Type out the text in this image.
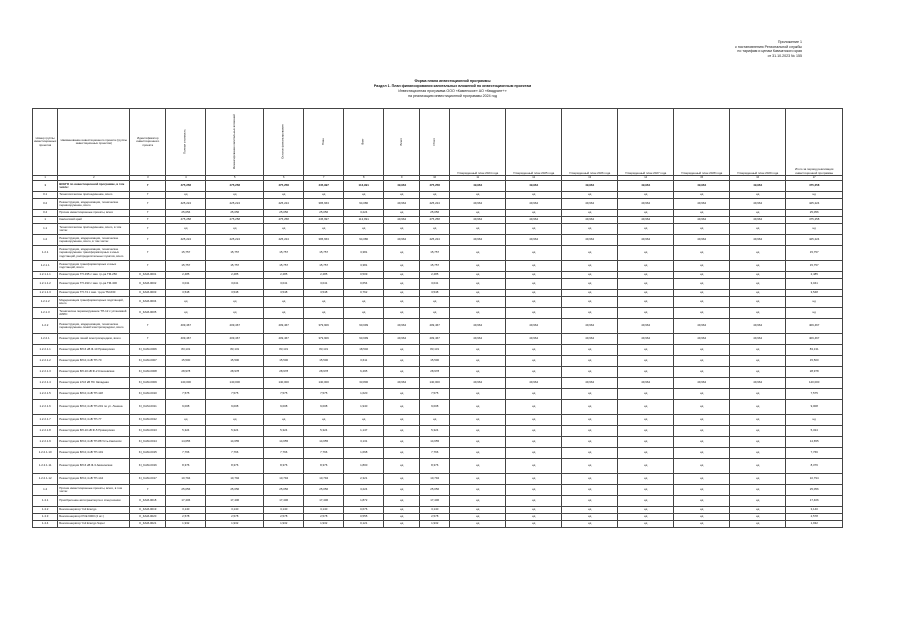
Приложение 1
к постановлению Региональной службы
по тарифам и ценам Камчатского края
от 31.10.2023 № 155
Форма плана инвестиционной программы
Раздел 1. План финансирования капитальных вложений по инвестиционным проектам
Инвестиционная программа ООО «Каменское» АО «Квадрант+»
на реализацию инвестиционной программы 2024 год
Номер группы инвестиционных проектов	Наименование инвестиционного проекта (группы инвестиционных проектов)	Идентификатор инвестиционного проекта	Полная стоимость	Финансирование капитальных вложений	Остаток финансирования	План	Факт	Всего	Итого	Утвержденный план 2024 года	Утвержденный план 2025 года	Утвержденный план 2026 года	Утвержденный план 2027 года	Утвержденный план 2028 года	Утвержденный план 2029 года	Итого за период реализации инвестиционной программы
1	2	3	4	5	6	7	8	9	10	11	12	13	14	15	16	17
1	ВСЕГО по инвестиционной программе, в том числе:	Г	475,258	475,258	475,258	445,997	113,991	49,964	475,258	49,964	49,964	49,964	49,964	49,964	49,964	475,258
0.1	Технологическое присоединение, всего	Г	нд	нд	нд	нд	нд	нд	нд	нд	нд	нд	нд	нд	нд	нд
0.2	Реконструкция, модернизация, техническое перевооружение, всего	Г	425,224	425,224	425,224	395,663	94,080	49,964	425,224	49,964	49,964	49,964	49,964	49,964	49,964	425,224
0.4	Прочие инвестиционные проекты, всего	Г	25,056	25,056	25,056	25,056	3,224	нд	25,056	нд	нд	нд	нд	нд	нд	25,056
1	Камчатский край	Г	475,258	475,258	475,258	445,997	113,991	49,964	475,258	49,964	49,964	49,964	49,964	49,964	49,964	475,258
1.1	Технологическое присоединение, всего, в том числе:	Г	нд	нд	нд	нд	нд	нд	нд	нд	нд	нд	нд	нд	нд	нд
1.2	Реконструкция, модернизация, техническое перевооружение, всего, в том числе:	Г	425,224	425,224	425,224	395,663	94,080	49,964	425,224	49,964	49,964	49,964	49,964	49,964	49,964	425,224
1.2.1	Реконструкция, модернизация, техническое перевооружение трансформаторных и иных подстанций, распределительных пунктов, всего	Г	15,757	15,757	15,757	15,757	3,381	нд	15,757	нд	нд	нд	нд	нд	нд	15,757
1.2.1.1	Реконструкция трансформаторных и иных подстанций, всего	Г	15,757	15,757	15,757	15,757	3,381	нд	15,757	нд	нд	нд	нд	нд	нд	15,757
1.2.1.1.1	Реконструкция ТП-335 с зам. тр-ра ТМ-250	K_KAM-0001	2,485	2,485	2,485	2,485	0,509	нд	2,485	нд	нд	нд	нд	нд	нд	2,485
1.2.1.1.2	Реконструкция ТП-193 с зам. тр-ра ТМ-400	K_KAM-0002	3,041	3,041	3,041	3,041	0,654	нд	3,041	нд	нд	нд	нд	нд	нд	3,041
1.2.1.1.3	Реконструкция ТП-74 с зам. тр-ра ТМ-630	K_KAM-0003	3,548	3,548	3,548	3,548	0,762	нд	3,548	нд	нд	нд	нд	нд	нд	3,548
1.2.1.2	Модернизация трансформаторных подстанций, всего	K_KAM-0004	нд	нд	нд	нд	нд	нд	нд	нд	нд	нд	нд	нд	нд	нд
1.2.1.3	Техническое перевооружение ТП-12 с установкой АИИС	K_KAM-0005	нд	нд	нд	нд	нд	нд	нд	нд	нд	нд	нд	нд	нд	нд
1.2.2	Реконструкция, модернизация, техническое перевооружение линий электропередачи, всего	Г	409,467	409,467	409,467	379,906	90,699	49,964	409,467	49,964	49,964	49,964	49,964	49,964	49,964	409,467
1.2.2.1	Реконструкция линий электропередачи, всего	Г	409,467	409,467	409,467	379,906	90,699	49,964	409,467	49,964	49,964	49,964	49,964	49,964	49,964	409,467
1.2.2.1.1	Реконструкция ВЛ-6 кВ Ф-10 Приморская	KI_KAM-0006	83,131	83,131	83,131	83,131	18,540	нд	83,131	нд	нд	нд	нд	нд	нд	83,131
1.2.2.1.2	Реконструкция ВЛ-0,4 кВ ТП-70	KI_KAM-0007	15,500	15,500	15,500	15,500	3,611	нд	15,500	нд	нд	нд	нд	нд	нд	15,500
1.2.2.1.3	Реконструкция ВЛ-10 кВ Ф-2 Ключевская	KI_KAM-0008	28,978	28,978	28,978	28,978	6,495	нд	28,978	нд	нд	нд	нд	нд	нд	28,978
1.2.2.1.4	Реконструкция КЛ-6 кВ ПС Западная	KI_KAM-0009	140,000	140,000	140,000	140,000	33,800	49,964	140,000	49,964	49,964	49,964	49,964	49,964	49,964	140,000
1.2.2.1.5	Реконструкция ВЛ-0,4 кВ ТП-118	KI_KAM-0010	7,575	7,575	7,575	7,575	1,620	нд	7,575	нд	нд	нд	нд	нд	нд	7,575
1.2.2.1.6	Реконструкция ВЛ-0,4 кВ ТП-201 по ул. Ленина	KI_KAM-0011	9,008	9,008	9,008	9,008	1,940	нд	9,008	нд	нд	нд	нд	нд	нд	9,008
1.2.2.1.7	Реконструкция ВЛ-0,4 кВ ТП-77	KI_KAM-0012	нд	нд	нд	нд	нд	нд	нд	нд	нд	нд	нд	нд	нд	нд
1.2.2.1.8	Реконструкция ВЛ-10 кВ Ф-5 Приморская	KI_KAM-0013	5,324	5,324	5,324	5,324	1,147	нд	5,324	нд	нд	нд	нд	нд	нд	5,324
1.2.2.1.9	Реконструкция ВЛ-0,4 кВ ТП-88 Усть-Камчатск	KI_KAM-0014	14,655	14,655	14,655	14,655	3,131	нд	14,655	нд	нд	нд	нд	нд	нд	14,655
1.2.2.1.10	Реконструкция ВЛ-0,4 кВ ТП-101	KI_KAM-0015	7,766	7,766	7,766	7,766	1,668	нд	7,766	нд	нд	нд	нд	нд	нд	7,766
1.2.2.1.11	Реконструкция ВЛ-6 кВ Ф-3 Авачинская	KI_KAM-0016	8,376	8,376	8,376	8,376	1,800	нд	8,376	нд	нд	нд	нд	нд	нд	8,376
1.2.2.1.12	Реконструкция ВЛ-0,4 кВ ТП-144	KI_KAM-0017	10,794	10,794	10,794	10,794	2,321	нд	10,794	нд	нд	нд	нд	нд	нд	10,794
1.4	Прочие инвестиционные проекты, всего, в том числе:	Г	25,056	25,056	25,056	25,056	3,224	нд	25,056	нд	нд	нд	нд	нд	нд	25,056
1.4.1	Приобретение автотранспорта и спецтехники	K_KAM-0018	17,406	17,406	17,406	17,406	1,872	нд	17,406	нд	нд	нд	нд	нд	нд	17,406
1.4.2	Бензогенератор Yuli Energo	K_KAM-0019	3,140	3,140	3,140	3,140	0,676	нд	3,140	нд	нд	нд	нд	нд	нд	3,140
1.4.3	Бензогенератор PCE 6000 (2 шт.)	K_KAM-0020	2,578	2,578	2,578	2,578	0,555	нд	2,578	нд	нд	нд	нд	нд	нд	2,578
1.4.4	Бензогенератор Yuli Energo Super	K_KAM-0021	1,932	1,932	1,932	1,932	0,121	нд	1,932	нд	нд	нд	нд	нд	нд	1,932
